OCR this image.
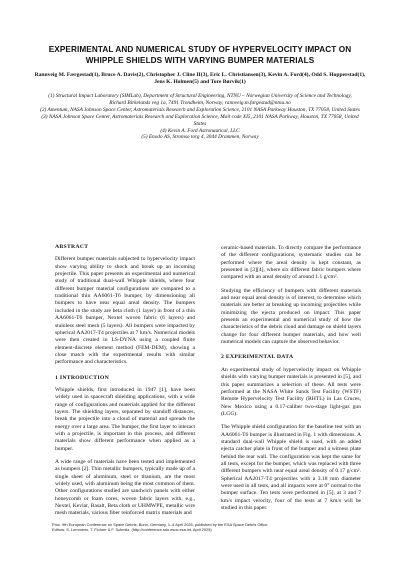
EXPERIMENTAL AND NUMERICAL STUDY OF HYPERVELOCITY IMPACT ON WHIPPLE SHIELDS WITH VARYING BUMPER MATERIALS
Rannveig M. Færgestad(1), Bruce A. Davis(2), Christopher J. Cline II(3), Eric L. Christiansen(3), Kevin A. Ford(4), Odd S. Hopperstad(1), Jens K. Holmen(5) and Tore Børvik(1)
(1) Structural Impact Laboratory (SIMLab), Department of Structural Engineering, NTNU – Norwegian University of Science and Technology, Richard Birkelands veg 1a, 7491 Trondheim, Norway, rannveig.m.fargestad@ntnu.no
(2) Amentum, NASA Johnson Space Center, Astromaterials Research and Exploration Science, 2101 NASA Parkway Houston, TX 77058, United States
(3) NASA Johnson Space Center, Astromaterials Research and Exploration Science, Mail code XI5, 2101 NASA Parkway, Houston, TX 77058, United States
(4) Kevin A. Ford Astronautical, LLC
(5) Enodo AS, Stromso torg 4, 3044 Drammen, Norway
ABSTRACT

Different bumper materials subjected to hypervelocity impact show varying ability to shock and break up an incoming projectile. This paper presents an experimental and numerical study of traditional dual-wall Whipple shields, where four different bumper material configurations are compared to a traditional thin AA6061-T6 bumper, by dimensioning all bumpers to have near equal areal density. The bumpers included in the study are beta cloth (1 layer) in front of a thin AA6061-T6 bumper, Nextel woven fabric (6 layers) and stainless steel mesh (5 layers). All bumpers were impacted by spherical AA2017-T4 projectiles at 7 km/s. Numerical models were then created in LS-DYNA using a coupled finite element-discrete element method (FEM-DEM), showing a close match with the experimental results with similar performance and characteristics.

1 INTRODUCTION

Whipple shields, first introduced in 1947 [1], have been widely used in spacecraft shielding applications, with a wide range of configurations and materials applied for the different layers. The shielding layers, separated by standoff distances, break the projectile into a cloud of material and spreads the energy over a large area. The bumper, the first layer to interact with a projectile, is important in this process, and different materials show different performance when applied as a bumper.

A wide range of materials have been tested and implemented as bumpers [2]. Thin metallic bumpers, typically made up of a single sheet of aluminum, steel or titanium, are the most widely used, with aluminum being the most common of them. Other configurations studied are sandwich panels with either honeycomb or foam cores, woven fabric layers with, e.g., Nextel, Kevlar, Basalt, Beta cloth or UHMWPE, metallic wire mesh materials, various fiber reinforced matrix materials and

ceramic-based materials. To directly compare the performance of the different configurations, systematic studies can be performed where the areal density is kept constant, as presented in [3][4], where six different fabric bumpers where compared with an areal density of around 1.1 g/cm².

Studying the efficiency of bumpers with different materials and near equal areal density is of interest, to determine which materials are better at breaking up incoming projectiles while minimizing the ejecta produced on impact. This paper presents an experimental and numerical study of how the characteristics of the debris cloud and damage on shield layers change for four different bumper materials, and how well numerical models can capture the observed behavior.

2 EXPERIMENTAL DATA

An experimental study of hypervelocity impact on Whipple shields with varying bumper materials is presented in [5], and this paper summarizes a selection of these. All tests were performed at the NASA White Sands Test Facility (WSTF) Remote Hypervelocity Test Facility (RHTL) in Las Cruces, New Mexico using a 0.17-caliber two-stage light-gas gun (LGG).

The Whipple shield configuration for the baseline test with an AA6061-T6 bumper is illustrated in Fig. 1 with dimensions. A standard dual-wall Whipple shield is used, with an added ejecta catcher plate in front of the bumper and a witness plate behind the rear wall. The configuration was kept the same for all tests, except for the bumper, which was replaced with three different bumpers with near equal areal density of 0.17 g/cm². Spherical AA2017-T4 projectiles with a 3.18 mm diameter were used in all tests, and all impacts were at 0° normal to the bumper surface. Ten tests were performed in [5], at 3 and 7 km/s impact velocity, four of the tests at 7 km/s will be studied in this paper.

Proc. 9th European Conference on Space Debris, Bonn, Germany, 1–4 April 2025, published by the ESA Space Debris Office
Editors: S. Lemmens, T. Flohrer & F. Schmitz, (http://conference.sdo.esoc.esa.int, April 2025)
